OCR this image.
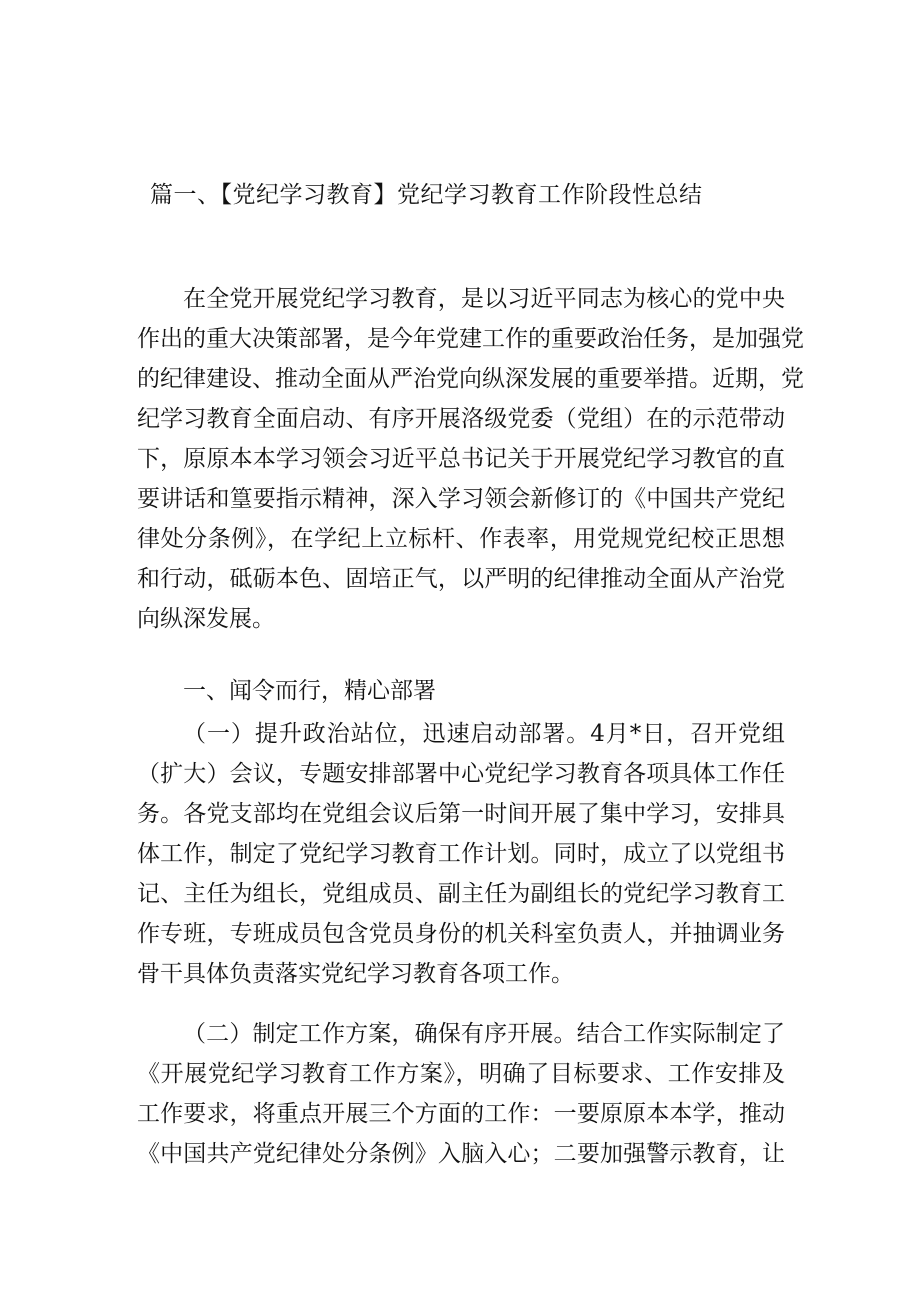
篇一、【党纪学习教育】党纪学习教育工作阶段性总结
在全党开展党纪学习教育，是以习近平同志为核心的党中央
作出的重大决策部署，是今年党建工作的重要政治任务，是加强党
的纪律建设、推动全面从严治党向纵深发展的重要举措。近期，党
纪学习教育全面启动、有序开展洛级党委（党组）在的示范带动
下，原原本本学习领会习近平总书记关于开展党纪学习教官的直
要讲话和篁要指示精神，深入学习领会新修订的《中国共产党纪
律处分条例》，在学纪上立标杆、作表率，用党规党纪校正思想
和行动，砥砺本色、固培正气，以严明的纪律推动全面从产治党
向纵深发展。
一、闻令而行，精心部署
（一）提升政治站位，迅速启动部署。4月*日，召开党组
（扩大）会议，专题安排部署中心党纪学习教育各项具体工作任
务。各党支部均在党组会议后第一时间开展了集中学习，安排具
体工作，制定了党纪学习教育工作计划。同时，成立了以党组书
记、主任为组长，党组成员、副主任为副组长的党纪学习教育工
作专班，专班成员包含党员身份的机关科室负责人，并抽调业务
骨干具体负责落实党纪学习教育各项工作。
（二）制定工作方案，确保有序开展。结合工作实际制定了
《开展党纪学习教育工作方案》，明确了目标要求、工作安排及
工作要求，将重点开展三个方面的工作：一要原原本本学，推动
《中国共产党纪律处分条例》入脑入心；二要加强警示教育，让
